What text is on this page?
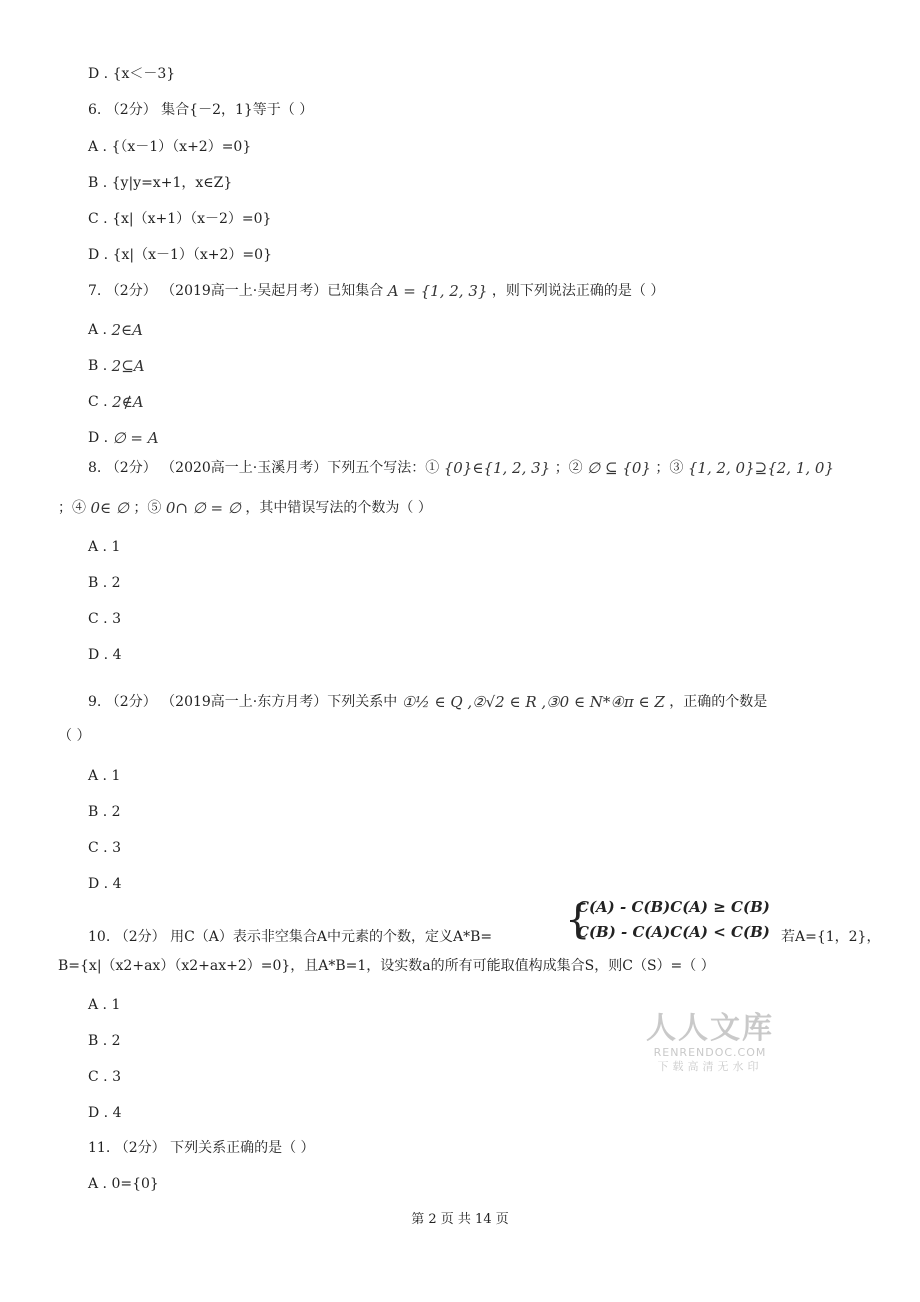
D . {x＜－3}
6. （2分） 集合{－2，1}等于（ ）
A . {（x－1）（x+2）=0}
B . {y|y=x+1，x∈Z}
C . {x|（x+1）（x－2）=0}
D . {x|（x－1）（x+2）=0}
7. （2分） （2019高一上·吴起月考）已知集合 A = {1, 2, 3} ，则下列说法正确的是（ ）
A . 2∈A
B . 2⊆A
C . 2∉A
D . ∅ = A
8. （2分） （2020高一上·玉溪月考）下列五个写法：① {0}∈{1, 2, 3} ；② ∅ ⊆ {0} ；③ {1, 2, 0}⊇{2, 1, 0}
；④ 0∈ ∅ ；⑤ 0∩ ∅ = ∅ ，其中错误写法的个数为（ ）
A . 1
B . 2
C . 3
D . 4
9. （2分） （2019高一上·东方月考）下列关系中 ①½ ∈ Q ,②√2 ∈ R ,③0 ∈ N*④π ∈ Z ，正确的个数是
（ ）
A . 1
B . 2
C . 3
D . 4
{
C(A) - C(B)C(A) ≥ C(B)
C(B) - C(A)C(A) < C(B)
10. （2分） 用C（A）表示非空集合A中元素的个数，定义A*B=	若A={1，2}，
B={x|（x2+ax）（x2+ax+2）=0}，且A*B=1，设实数a的所有可能取值构成集合S，则C（S）=（ ）
A . 1
B . 2
C . 3
D . 4
11. （2分） 下列关系正确的是（ ）
A . 0={0}
人人文库
RENRENDOC.COM
下载高清无水印
第 2 页 共 14 页
